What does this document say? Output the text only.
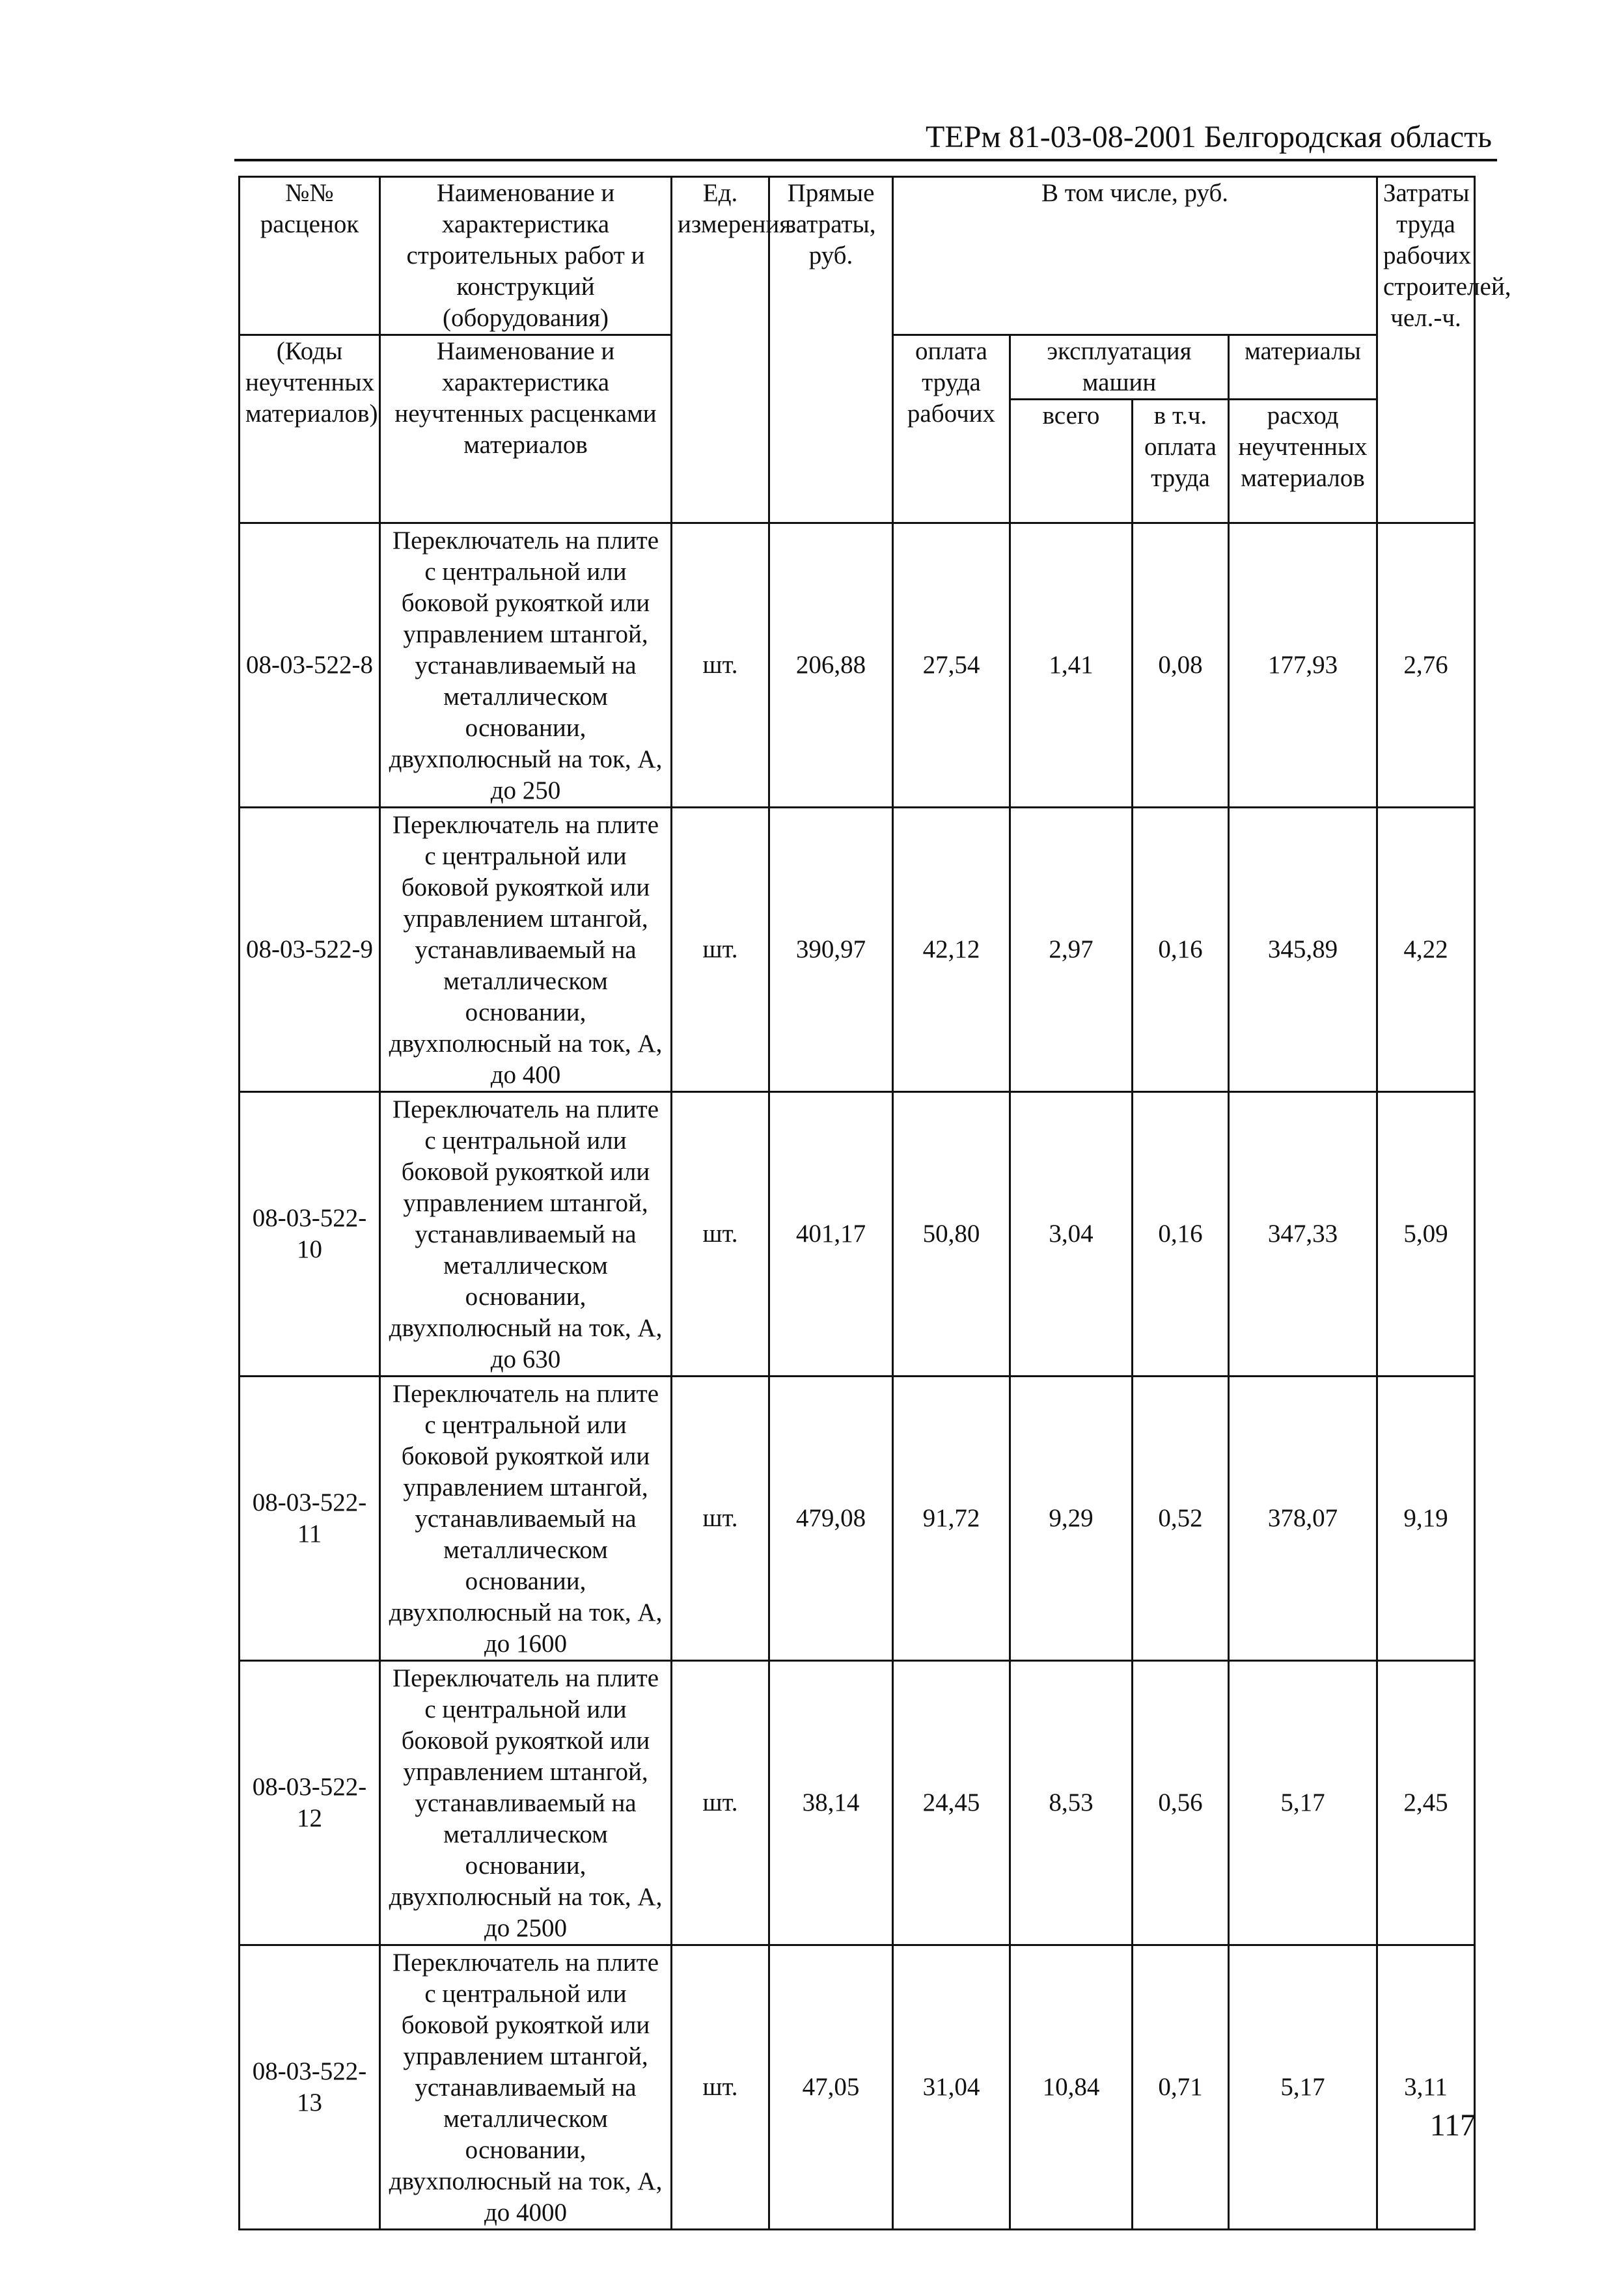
ТЕРм 81-03-08-2001 Белгородская область
№№ расценок	Наименование и характеристика строительных работ и конструкций (оборудования)	Ед. измерения	Прямые затраты, руб.	В том числе, руб.				Затраты труда рабочих строителей, чел.-ч.
(Коды неучтенных материалов)	Наименование и характеристика неучтенных расценками материалов			оплата труда рабочих	эксплуатация машин		материалы	
					всего	в т.ч. оплата труда	расход неучтенных материалов	
08-03-522-8	Переключатель на плите с центральной или боковой рукояткой или управлением штангой, устанавливаемый на металлическом основании, двухполюсный на ток, А, до 250	шт.	206,88	27,54	1,41	0,08	177,93	2,76
08-03-522-9	Переключатель на плите с центральной или боковой рукояткой или управлением штангой, устанавливаемый на металлическом основании, двухполюсный на ток, А, до 400	шт.	390,97	42,12	2,97	0,16	345,89	4,22
08-03-522-10	Переключатель на плите с центральной или боковой рукояткой или управлением штангой, устанавливаемый на металлическом основании, двухполюсный на ток, А, до 630	шт.	401,17	50,80	3,04	0,16	347,33	5,09
08-03-522-11	Переключатель на плите с центральной или боковой рукояткой или управлением штангой, устанавливаемый на металлическом основании, двухполюсный на ток, А, до 1600	шт.	479,08	91,72	9,29	0,52	378,07	9,19
08-03-522-12	Переключатель на плите с центральной или боковой рукояткой или управлением штангой, устанавливаемый на металлическом основании, двухполюсный на ток, А, до 2500	шт.	38,14	24,45	8,53	0,56	5,17	2,45
08-03-522-13	Переключатель на плите с центральной или боковой рукояткой или управлением штангой, устанавливаемый на металлическом основании, двухполюсный на ток, А, до 4000	шт.	47,05	31,04	10,84	0,71	5,17	3,11
117
